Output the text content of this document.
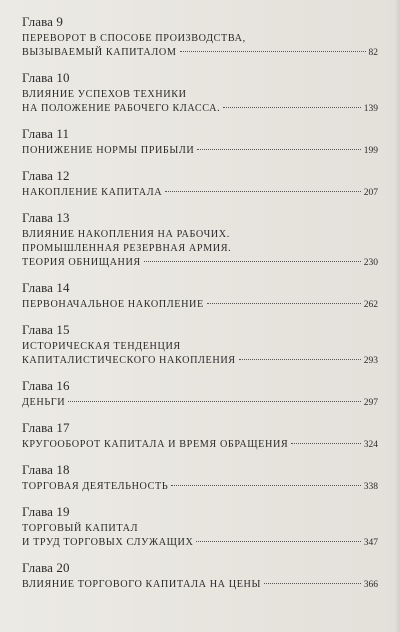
Глава 9
ПЕРЕВОРОТ В СПОСОБЕ ПРОИЗВОДСТВА,
ВЫЗЫВАЕМЫЙ КАПИТАЛОМ	82
Глава 10
ВЛИЯНИЕ УСПЕХОВ ТЕХНИКИ
НА ПОЛОЖЕНИЕ РАБОЧЕГО КЛАССА.	139
Глава 11
ПОНИЖЕНИЕ НОРМЫ ПРИБЫЛИ	199
Глава 12
НАКОПЛЕНИЕ КАПИТАЛА	207
Глава 13
ВЛИЯНИЕ НАКОПЛЕНИЯ НА РАБОЧИХ.
ПРОМЫШЛЕННАЯ РЕЗЕРВНАЯ АРМИЯ.
ТЕОРИЯ ОБНИЩАНИЯ	230
Глава 14
ПЕРВОНАЧАЛЬНОЕ НАКОПЛЕНИЕ	262
Глава 15
ИСТОРИЧЕСКАЯ ТЕНДЕНЦИЯ
КАПИТАЛИСТИЧЕСКОГО НАКОПЛЕНИЯ	293
Глава 16
ДЕНЬГИ	297
Глава 17
КРУГООБОРОТ КАПИТАЛА И ВРЕМЯ ОБРАЩЕНИЯ	324
Глава 18
ТОРГОВАЯ ДЕЯТЕЛЬНОСТЬ	338
Глава 19
ТОРГОВЫЙ КАПИТАЛ
И ТРУД ТОРГОВЫХ СЛУЖАЩИХ	347
Глава 20
ВЛИЯНИЕ ТОРГОВОГО КАПИТАЛА НА ЦЕНЫ	366
